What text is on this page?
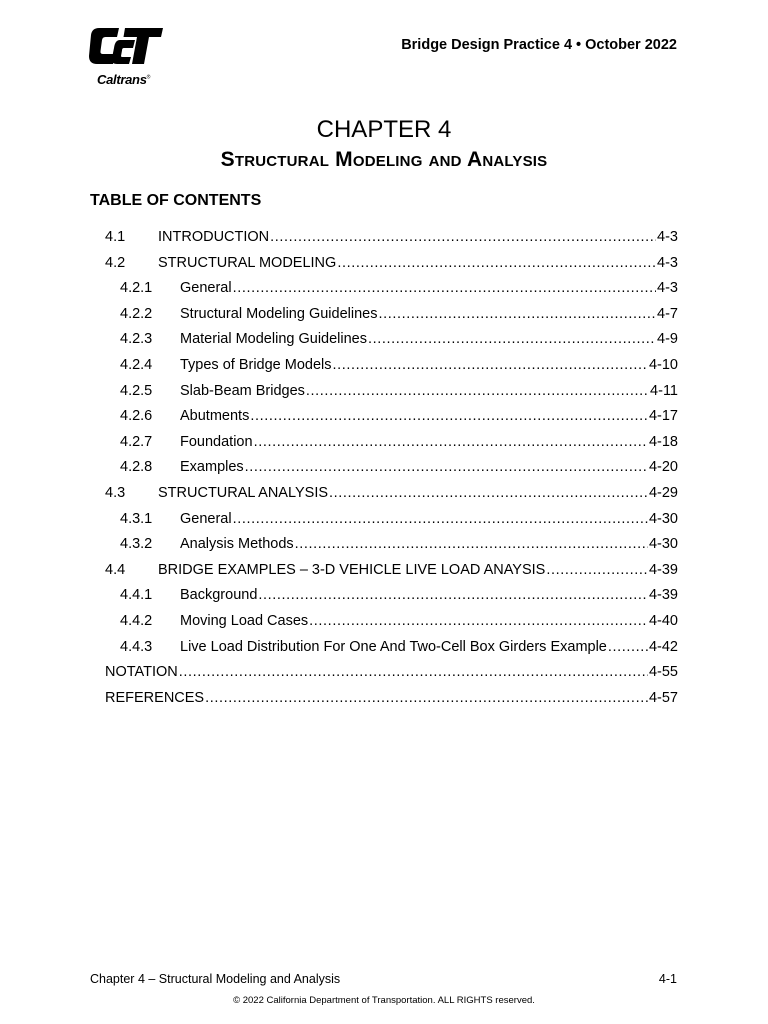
Caltrans®
Bridge Design Practice 4 • October 2022
CHAPTER 4
Structural Modeling and Analysis
TABLE OF CONTENTS
4.1	INTRODUCTION .....	4-3
4.2	STRUCTURAL MODELING .....	4-3
4.2.1	General .....	4-3
4.2.2	Structural Modeling Guidelines .....	4-7
4.2.3	Material Modeling Guidelines .....	4-9
4.2.4	Types of Bridge Models .....	4-10
4.2.5	Slab-Beam Bridges .....	4-11
4.2.6	Abutments .....	4-17
4.2.7	Foundation .....	4-18
4.2.8	Examples .....	4-20
4.3	STRUCTURAL ANALYSIS .....	4-29
4.3.1	General .....	4-30
4.3.2	Analysis Methods .....	4-30
4.4	BRIDGE EXAMPLES – 3-D VEHICLE LIVE LOAD ANAYSIS .....	4-39
4.4.1	Background .....	4-39
4.4.2	Moving Load Cases .....	4-40
4.4.3	Live Load Distribution For One And Two-Cell Box Girders Example .....	4-42
NOTATION .....	4-55
REFERENCES .....	4-57
Chapter 4 – Structural Modeling and Analysis	4-1
© 2022 California Department of Transportation. ALL RIGHTS reserved.
